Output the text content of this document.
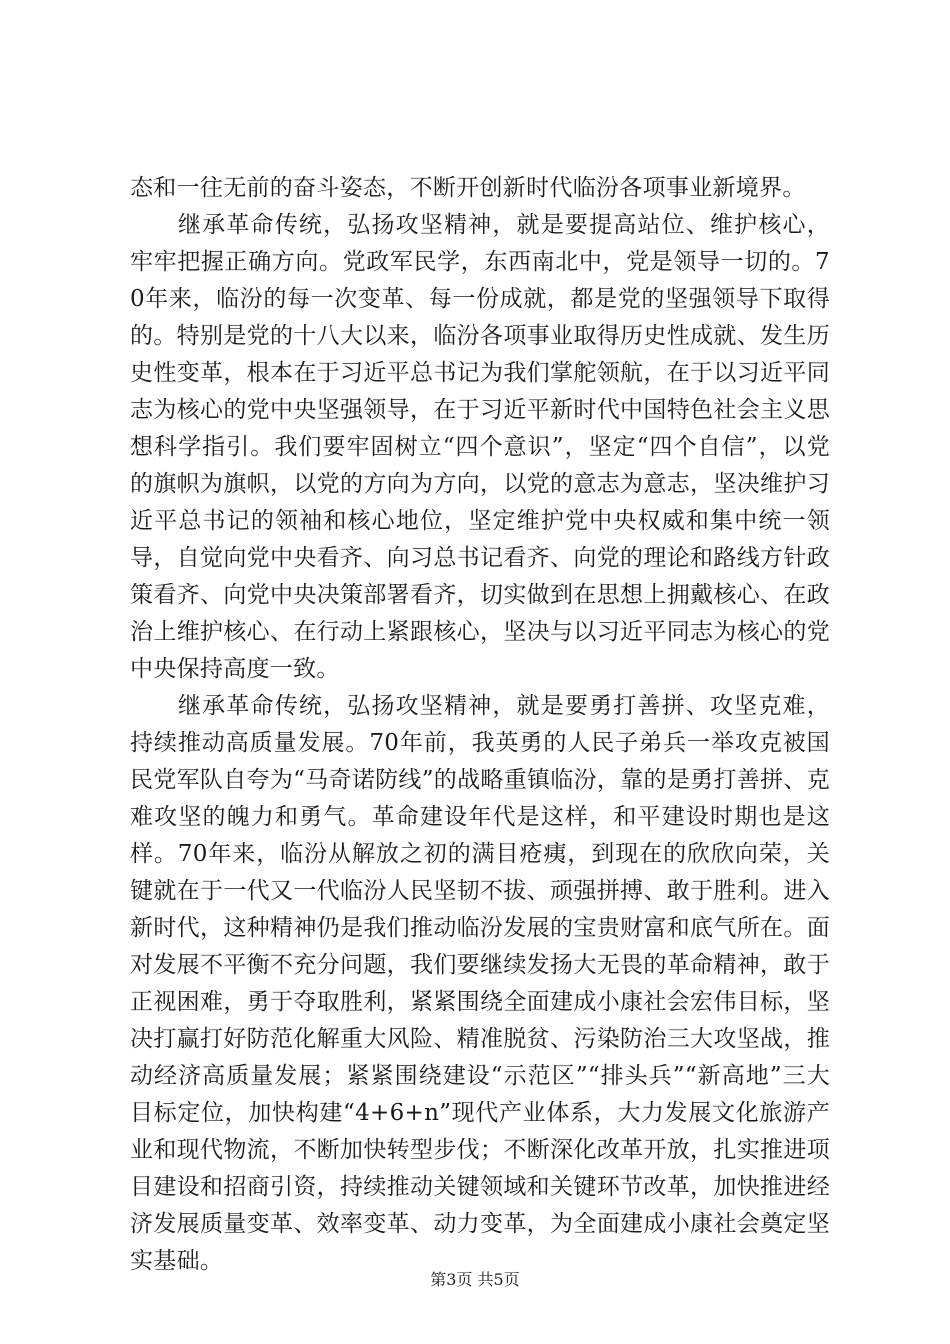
态和一往无前的奋斗姿态，不断开创新时代临汾各项事业新境界。

继承革命传统，弘扬攻坚精神，就是要提高站位、维护核心，牢牢把握正确方向。党政军民学，东西南北中，党是领导一切的。70年来，临汾的每一次变革、每一份成就，都是党的坚强领导下取得的。特别是党的十八大以来，临汾各项事业取得历史性成就、发生历史性变革，根本在于习近平总书记为我们掌舵领航，在于以习近平同志为核心的党中央坚强领导，在于习近平新时代中国特色社会主义思想科学指引。我们要牢固树立“四个意识”，坚定“四个自信”，以党的旗帜为旗帜，以党的方向为方向，以党的意志为意志，坚决维护习近平总书记的领袖和核心地位，坚定维护党中央权威和集中统一领导，自觉向党中央看齐、向习总书记看齐、向党的理论和路线方针政策看齐、向党中央决策部署看齐，切实做到在思想上拥戴核心、在政治上维护核心、在行动上紧跟核心，坚决与以习近平同志为核心的党中央保持高度一致。

继承革命传统，弘扬攻坚精神，就是要勇打善拼、攻坚克难，持续推动高质量发展。70年前，我英勇的人民子弟兵一举攻克被国民党军队自夸为“马奇诺防线”的战略重镇临汾，靠的是勇打善拼、克难攻坚的魄力和勇气。革命建设年代是这样，和平建设时期也是这样。70年来，临汾从解放之初的满目疮痍，到现在的欣欣向荣，关键就在于一代又一代临汾人民坚韧不拔、顽强拼搏、敢于胜利。进入新时代，这种精神仍是我们推动临汾发展的宝贵财富和底气所在。面对发展不平衡不充分问题，我们要继续发扬大无畏的革命精神，敢于正视困难，勇于夺取胜利，紧紧围绕全面建成小康社会宏伟目标，坚决打赢打好防范化解重大风险、精准脱贫、污染防治三大攻坚战，推动经济高质量发展；紧紧围绕建设“示范区”“排头兵”“新高地”三大目标定位，加快构建“4+6+n”现代产业体系，大力发展文化旅游产业和现代物流，不断加快转型步伐；不断深化改革开放，扎实推进项目建设和招商引资，持续推动关键领域和关键环节改革，加快推进经济发展质量变革、效率变革、动力变革，为全面建成小康社会奠定坚实基础。

第3页 共5页
